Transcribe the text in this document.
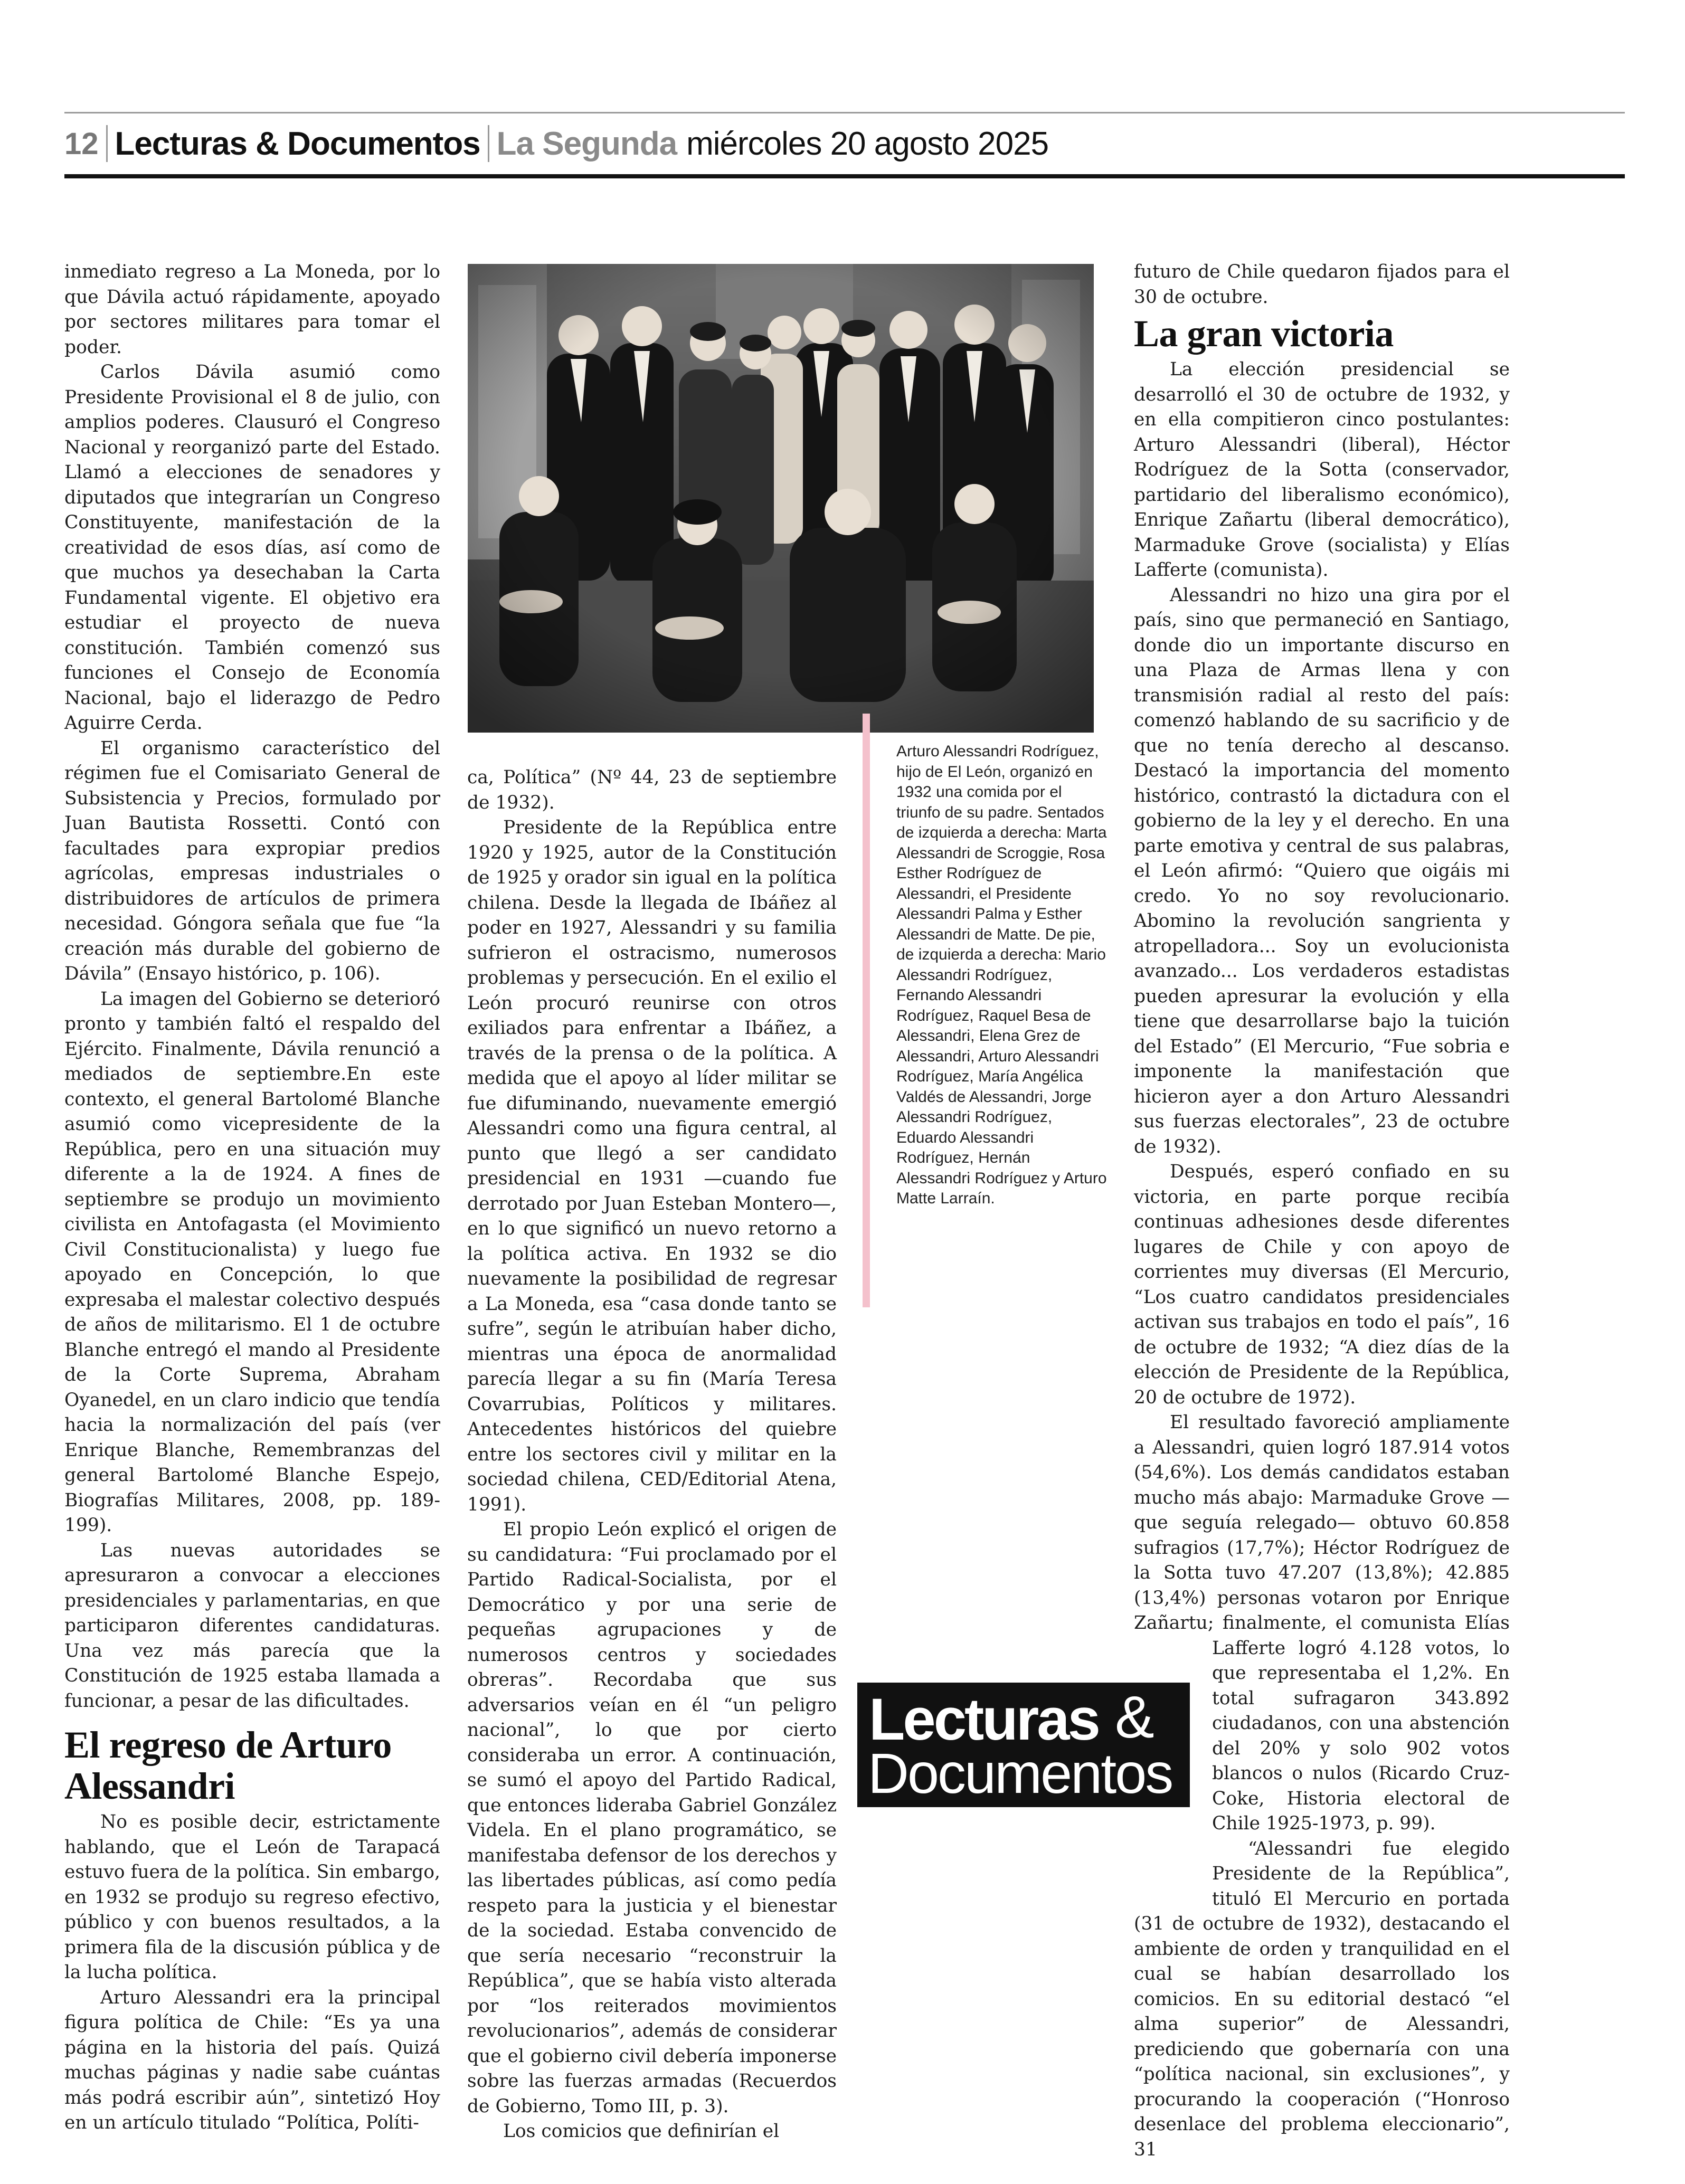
12 Lecturas & Documentos La Segunda miércoles 20 agosto 2025

inmediato regreso a La Moneda, por lo que Dávila actuó rápidamente, apoyado por sectores militares para tomar el poder.

Carlos Dávila asumió como Presidente Provisional el 8 de julio, con amplios poderes. Clausuró el Congreso Nacional y reorganizó parte del Estado. Llamó a elecciones de senadores y diputados que integrarían un Congreso Constituyente, manifestación de la creatividad de esos días, así como de que muchos ya desechaban la Carta Fundamental vigente. El objetivo era estudiar el proyecto de nueva constitución. También comenzó sus funciones el Consejo de Economía Nacional, bajo el liderazgo de Pedro Aguirre Cerda.

El organismo característico del régimen fue el Comisariato General de Subsistencia y Precios, formulado por Juan Bautista Rossetti. Contó con facultades para expropiar predios agrícolas, empresas industriales o distribuidores de artículos de primera necesidad. Góngora señala que fue “la creación más durable del gobierno de Dávila” (Ensayo histórico, p. 106).

La imagen del Gobierno se deterioró pronto y también faltó el respaldo del Ejército. Finalmente, Dávila renunció a mediados de septiembre.En este contexto, el general Bartolomé Blanche asumió como vicepresidente de la República, pero en una situación muy diferente a la de 1924. A fines de septiembre se produjo un movimiento civilista en Antofagasta (el Movimiento Civil Constitucionalista) y luego fue apoyado en Concepción, lo que expresaba el malestar colectivo después de años de militarismo. El 1 de octubre Blanche entregó el mando al Presidente de la Corte Suprema, Abraham Oyanedel, en un claro indicio que tendía hacia la normalización del país (ver Enrique Blanche, Remembranzas del general Bartolomé Blanche Espejo, Biografías Militares, 2008, pp. 189-199).

Las nuevas autoridades se apresuraron a convocar a elecciones presidenciales y parlamentarias, en que participaron diferentes candidaturas. Una vez más parecía que la Constitución de 1925 estaba llamada a funcionar, a pesar de las dificultades.

El regreso de Arturo Alessandri

No es posible decir, estrictamente hablando, que el León de Tarapacá estuvo fuera de la política. Sin embargo, en 1932 se produjo su regreso efectivo, público y con buenos resultados, a la primera fila de la discusión pública y de la lucha política.

Arturo Alessandri era la principal figura política de Chile: “Es ya una página en la historia del país. Quizá muchas páginas y nadie sabe cuántas más podrá escribir aún”, sintetizó Hoy en un artículo titulado “Política, Políti-

Arturo Alessandri Rodríguez, hijo de El León, organizó en 1932 una comida por el triunfo de su padre. Sentados de izquierda a derecha: Marta Alessandri de Scroggie, Rosa Esther Rodríguez de Alessandri, el Presidente Alessandri Palma y Esther Alessandri de Matte. De pie, de izquierda a derecha: Mario Alessandri Rodríguez, Fernando Alessandri Rodríguez, Raquel Besa de Alessandri, Elena Grez de Alessandri, Arturo Alessandri Rodríguez, María Angélica Valdés de Alessandri, Jorge Alessandri Rodríguez, Eduardo Alessandri Rodríguez, Hernán Alessandri Rodríguez y Arturo Matte Larraín.

ca, Política” (Nº 44, 23 de septiembre de 1932).

Presidente de la República entre 1920 y 1925, autor de la Constitución de 1925 y orador sin igual en la política chilena. Desde la llegada de Ibáñez al poder en 1927, Alessandri y su familia sufrieron el ostracismo, numerosos problemas y persecución. En el exilio el León procuró reunirse con otros exiliados para enfrentar a Ibáñez, a través de la prensa o de la política. A medida que el apoyo al líder militar se fue difuminando, nuevamente emergió Alessandri como una figura central, al punto que llegó a ser candidato presidencial en 1931 —cuando fue derrotado por Juan Esteban Montero—, en lo que significó un nuevo retorno a la política activa. En 1932 se dio nuevamente la posibilidad de regresar a La Moneda, esa “casa donde tanto se sufre”, según le atribuían haber dicho, mientras una época de anormalidad parecía llegar a su fin (María Teresa Covarrubias, Políticos y militares. Antecedentes históricos del quiebre entre los sectores civil y militar en la sociedad chilena, CED/Editorial Atena, 1991).

El propio León explicó el origen de su candidatura: “Fui proclamado por el Partido Radical-Socialista, por el Democrático y por una serie de pequeñas agrupaciones y de numerosos centros y sociedades obreras”. Recordaba que sus adversarios veían en él “un peligro nacional”, lo que por cierto consideraba un error. A continuación, se sumó el apoyo del Partido Radical, que entonces lideraba Gabriel González Videla. En el plano programático, se manifestaba defensor de los derechos y las libertades públicas, así como pedía respeto para la justicia y el bienestar de la sociedad. Estaba convencido de que sería necesario “reconstruir la República”, que se había visto alterada por “los reiterados movimientos revolucionarios”, además de considerar que el gobierno civil debería imponerse sobre las fuerzas armadas (Recuerdos de Gobierno, Tomo III, p. 3).

Los comicios que definirían el

futuro de Chile quedaron fijados para el 30 de octubre.

La gran victoria

La elección presidencial se desarrolló el 30 de octubre de 1932, y en ella compitieron cinco postulantes: Arturo Alessandri (liberal), Héctor Rodríguez de la Sotta (conservador, partidario del liberalismo económico), Enrique Zañartu (liberal democrático), Marmaduke Grove (socialista) y Elías Lafferte (comunista).

Alessandri no hizo una gira por el país, sino que permaneció en Santiago, donde dio un importante discurso en una Plaza de Armas llena y con transmisión radial al resto del país: comenzó hablando de su sacrificio y de que no tenía derecho al descanso. Destacó la importancia del momento histórico, contrastó la dictadura con el gobierno de la ley y el derecho. En una parte emotiva y central de sus palabras, el León afirmó: “Quiero que oigáis mi credo. Yo no soy revolucionario. Abomino la revolución sangrienta y atropelladora... Soy un evolucionista avanzado... Los verdaderos estadistas pueden apresurar la evolución y ella tiene que desarrollarse bajo la tuición del Estado” (El Mercurio, “Fue sobria e imponente la manifestación que hicieron ayer a don Arturo Alessandri sus fuerzas electorales”, 23 de octubre de 1932).

Después, esperó confiado en su victoria, en parte porque recibía continuas adhesiones desde diferentes lugares de Chile y con apoyo de corrientes muy diversas (El Mercurio, “Los cuatro candidatos presidenciales activan sus trabajos en todo el país”, 16 de octubre de 1932; “A diez días de la elección de Presidente de la República, 20 de octubre de 1972).

El resultado favoreció ampliamente a Alessandri, quien logró 187.914 votos (54,6%). Los demás candidatos estaban mucho más abajo: Marmaduke Grove —que seguía relegado— obtuvo 60.858 sufragios (17,7%); Héctor Rodríguez de la Sotta tuvo 47.207 (13,8%); 42.885 (13,4%) personas votaron por Enrique Zañartu; finalmente, el comunista Elías
Lafferte logró 4.128 votos, lo que representaba el 1,2%. En total sufragaron 343.892 ciudadanos, con una abstención del 20% y solo 902 votos blancos o nulos (Ricardo Cruz-Coke, Historia electoral de Chile 1925-1973, p. 99).

“Alessandri fue elegido Presidente de la República”, tituló El Mercurio en portada (31 de octubre de 1932), destacando el ambiente de orden y tranquilidad en el cual se habían desarrollado los comicios. En su editorial destacó “el alma superior” de Alessandri, prediciendo que gobernaría con una “política nacional, sin exclusiones”, y procurando la cooperación (“Honroso desenlace del problema eleccionario”, 31

Lecturas &
Documentos
